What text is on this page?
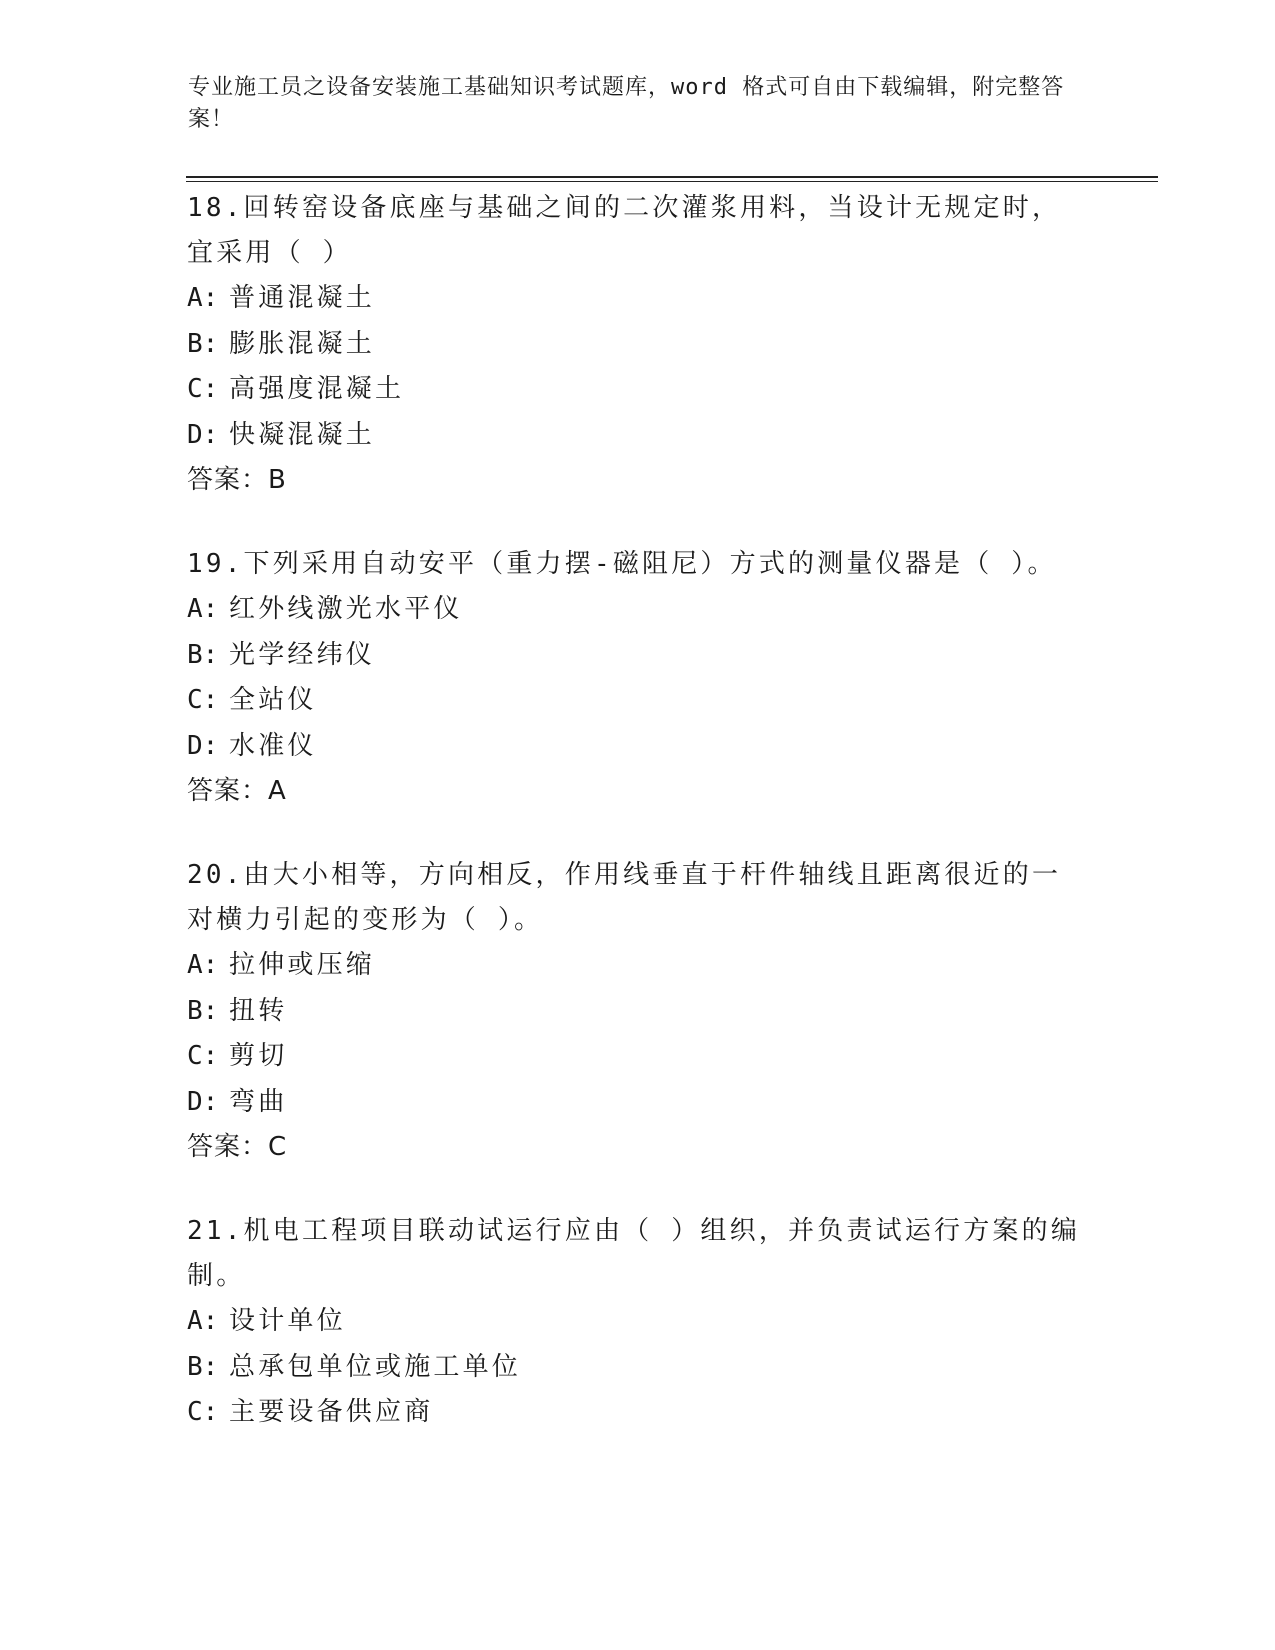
专业施工员之设备安装施工基础知识考试题库，word 格式可自由下载编辑，附完整答案！
18.回转窑设备底座与基础之间的二次灌浆用料，当设计无规定时，宜采用（ ）
A: 普通混凝土
B: 膨胀混凝土
C: 高强度混凝土
D: 快凝混凝土
答案：B
19.下列采用自动安平（重力摆-磁阻尼）方式的测量仪器是（ ）。
A: 红外线激光水平仪
B: 光学经纬仪
C: 全站仪
D: 水准仪
答案：A
20.由大小相等，方向相反，作用线垂直于杆件轴线且距离很近的一对横力引起的变形为（ ）。
A: 拉伸或压缩
B: 扭转
C: 剪切
D: 弯曲
答案：C
21.机电工程项目联动试运行应由（ ）组织，并负责试运行方案的编制。
A: 设计单位
B: 总承包单位或施工单位
C: 主要设备供应商
